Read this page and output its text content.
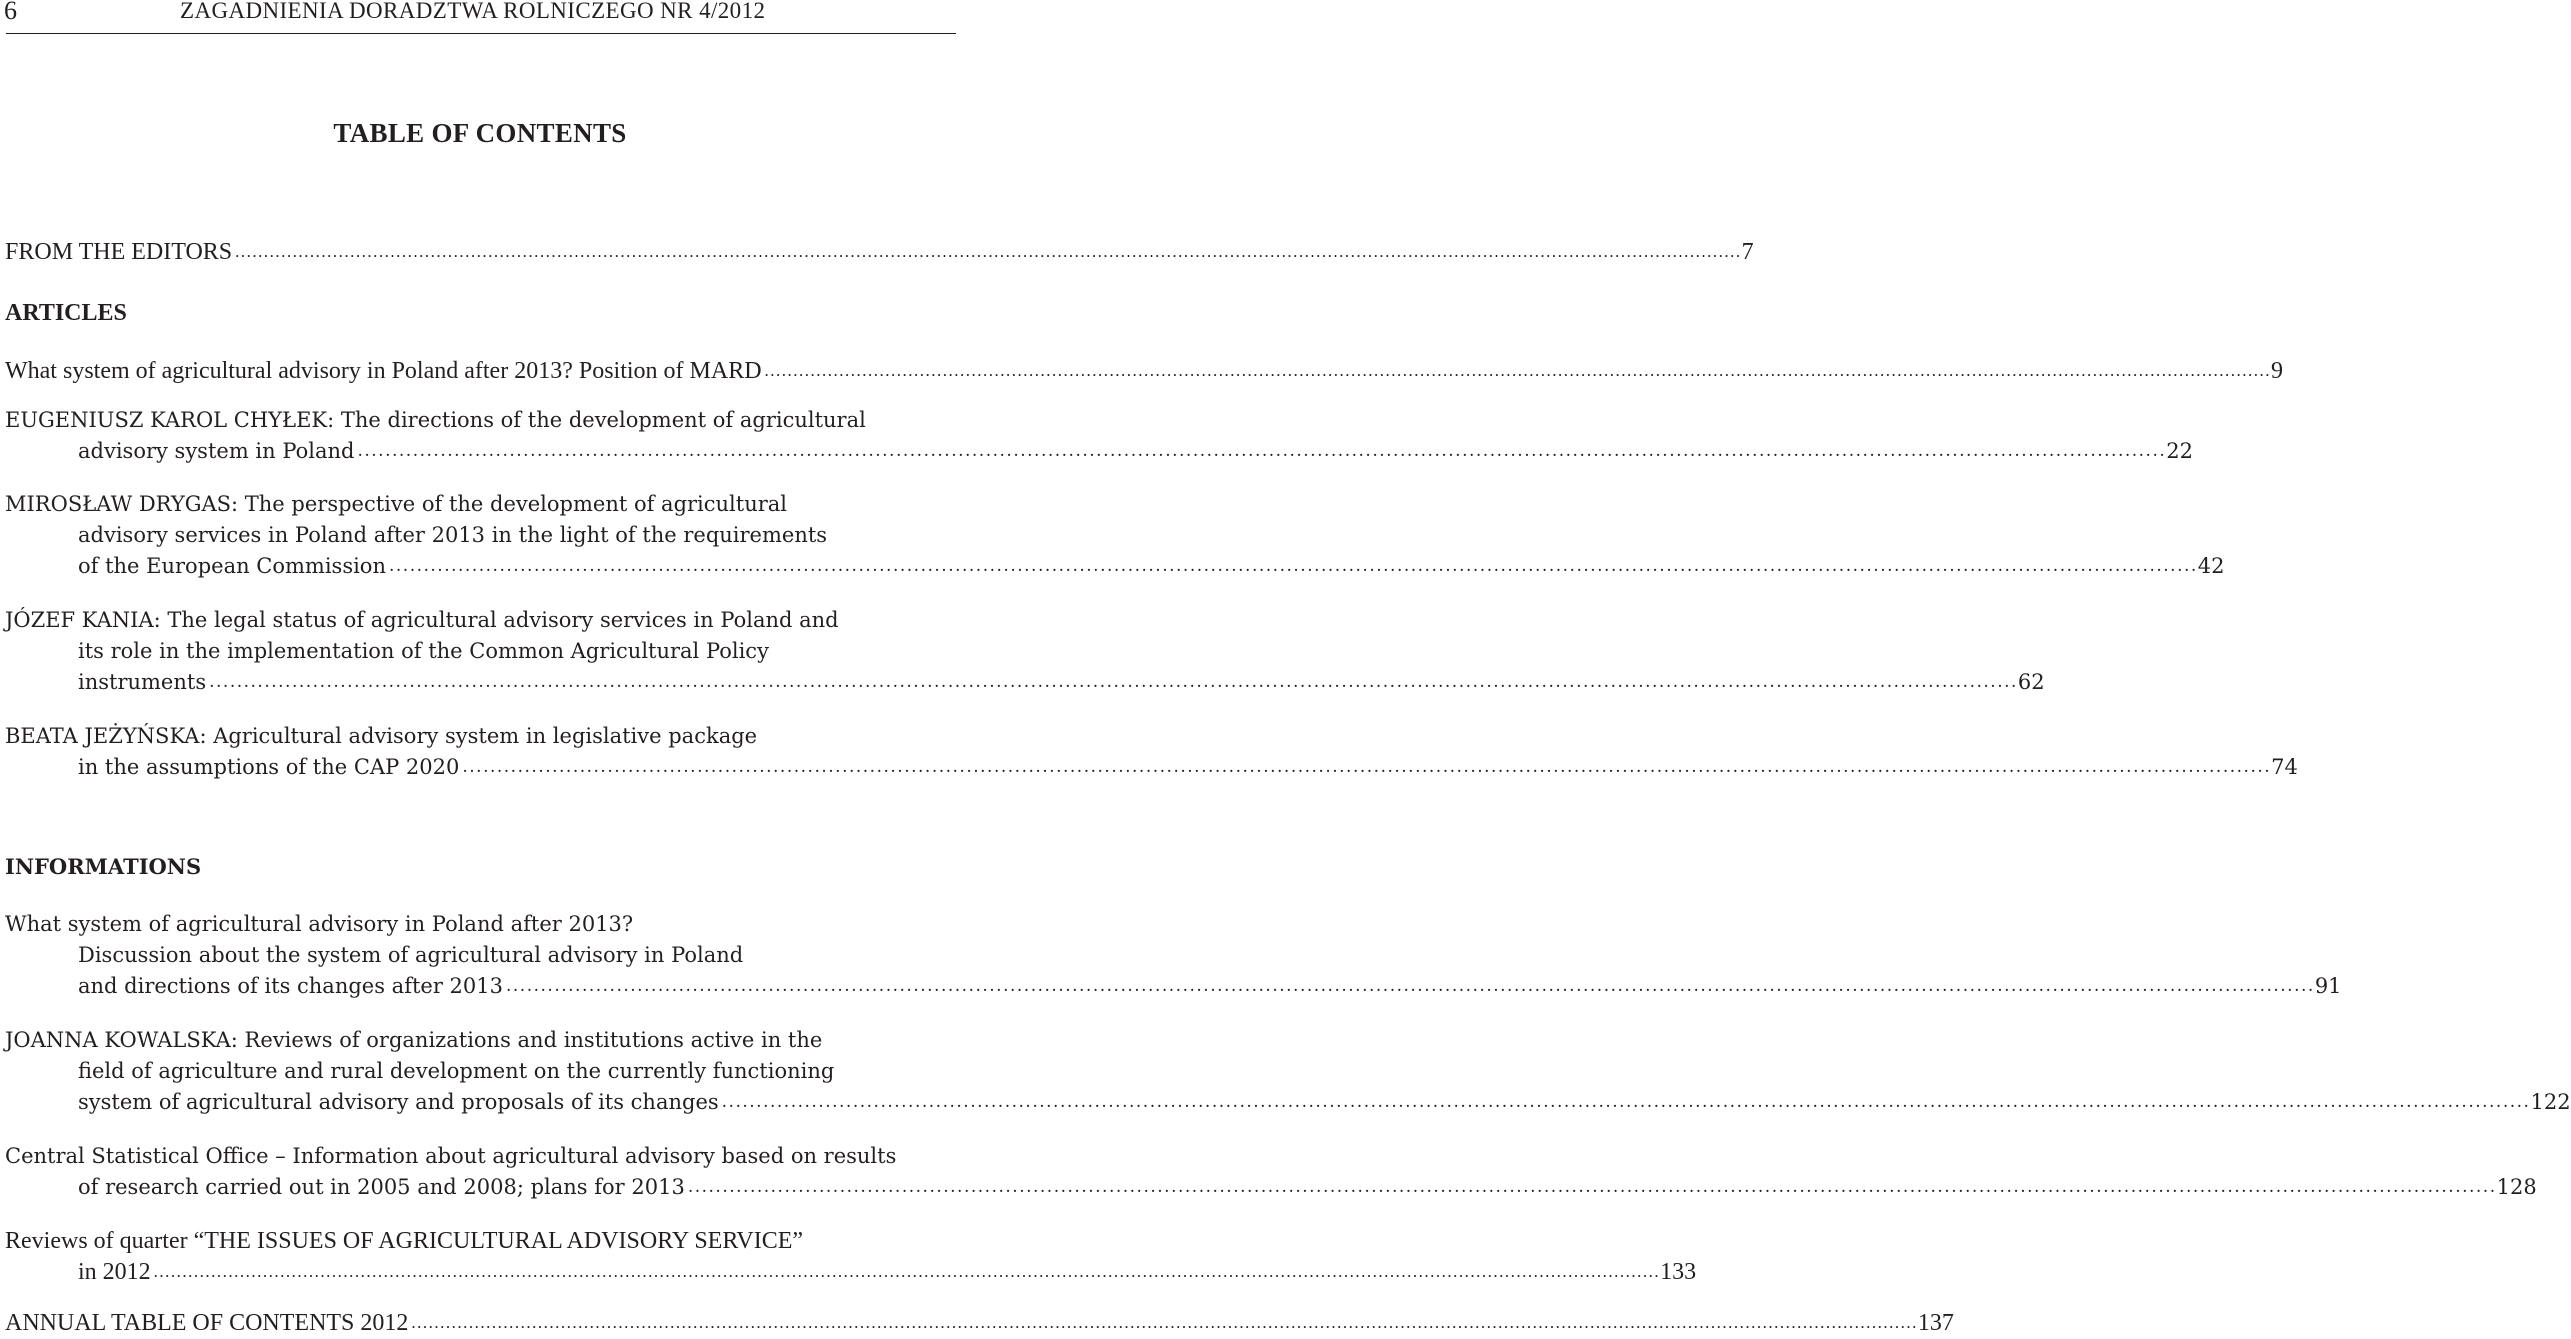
6	ZAGADNIENIA DORADZTWA ROLNICZEGO NR 4/2012
TABLE OF CONTENTS
FROM THE EDITORS ...................................................................................................................................................................................................................................................................... 7
ARTICLES
What system of agricultural advisory in Poland after 2013? Position of MARD ...................................................................................................................................................................................................................................................................... 9
EUGENIUSZ KAROL CHYŁEK: The directions of the development of agricultural
advisory system in Poland ...................................................................................................................................................................................................................................................................... 22
MIROSŁAW DRYGAS: The perspective of the development of agricultural
advisory services in Poland after 2013 in the light of the requirements
of the European Commission ...................................................................................................................................................................................................................................................................... 42
JÓZEF KANIA: The legal status of agricultural advisory services in Poland and
its role in the implementation of the Common Agricultural Policy
instruments ...................................................................................................................................................................................................................................................................... 62
BEATA JEŻYŃSKA: Agricultural advisory system in legislative package
in the assumptions of the CAP 2020 ...................................................................................................................................................................................................................................................................... 74
INFORMATIONS
What system of agricultural advisory in Poland after 2013?
Discussion about the system of agricultural advisory in Poland
and directions of its changes after 2013 ...................................................................................................................................................................................................................................................................... 91
JOANNA KOWALSKA: Reviews of organizations and institutions active in the
field of agriculture and rural development on the currently functioning
system of agricultural advisory and proposals of its changes ...................................................................................................................................................................................................................................................................... 122
Central Statistical Office – Information about agricultural advisory based on results
of research carried out in 2005 and 2008; plans for 2013 ...................................................................................................................................................................................................................................................................... 128
Reviews of quarter “THE ISSUES OF AGRICULTURAL ADVISORY SERVICE”
in 2012 ...................................................................................................................................................................................................................................................................... 133
ANNUAL TABLE OF CONTENTS 2012 ...................................................................................................................................................................................................................................................................... 137
